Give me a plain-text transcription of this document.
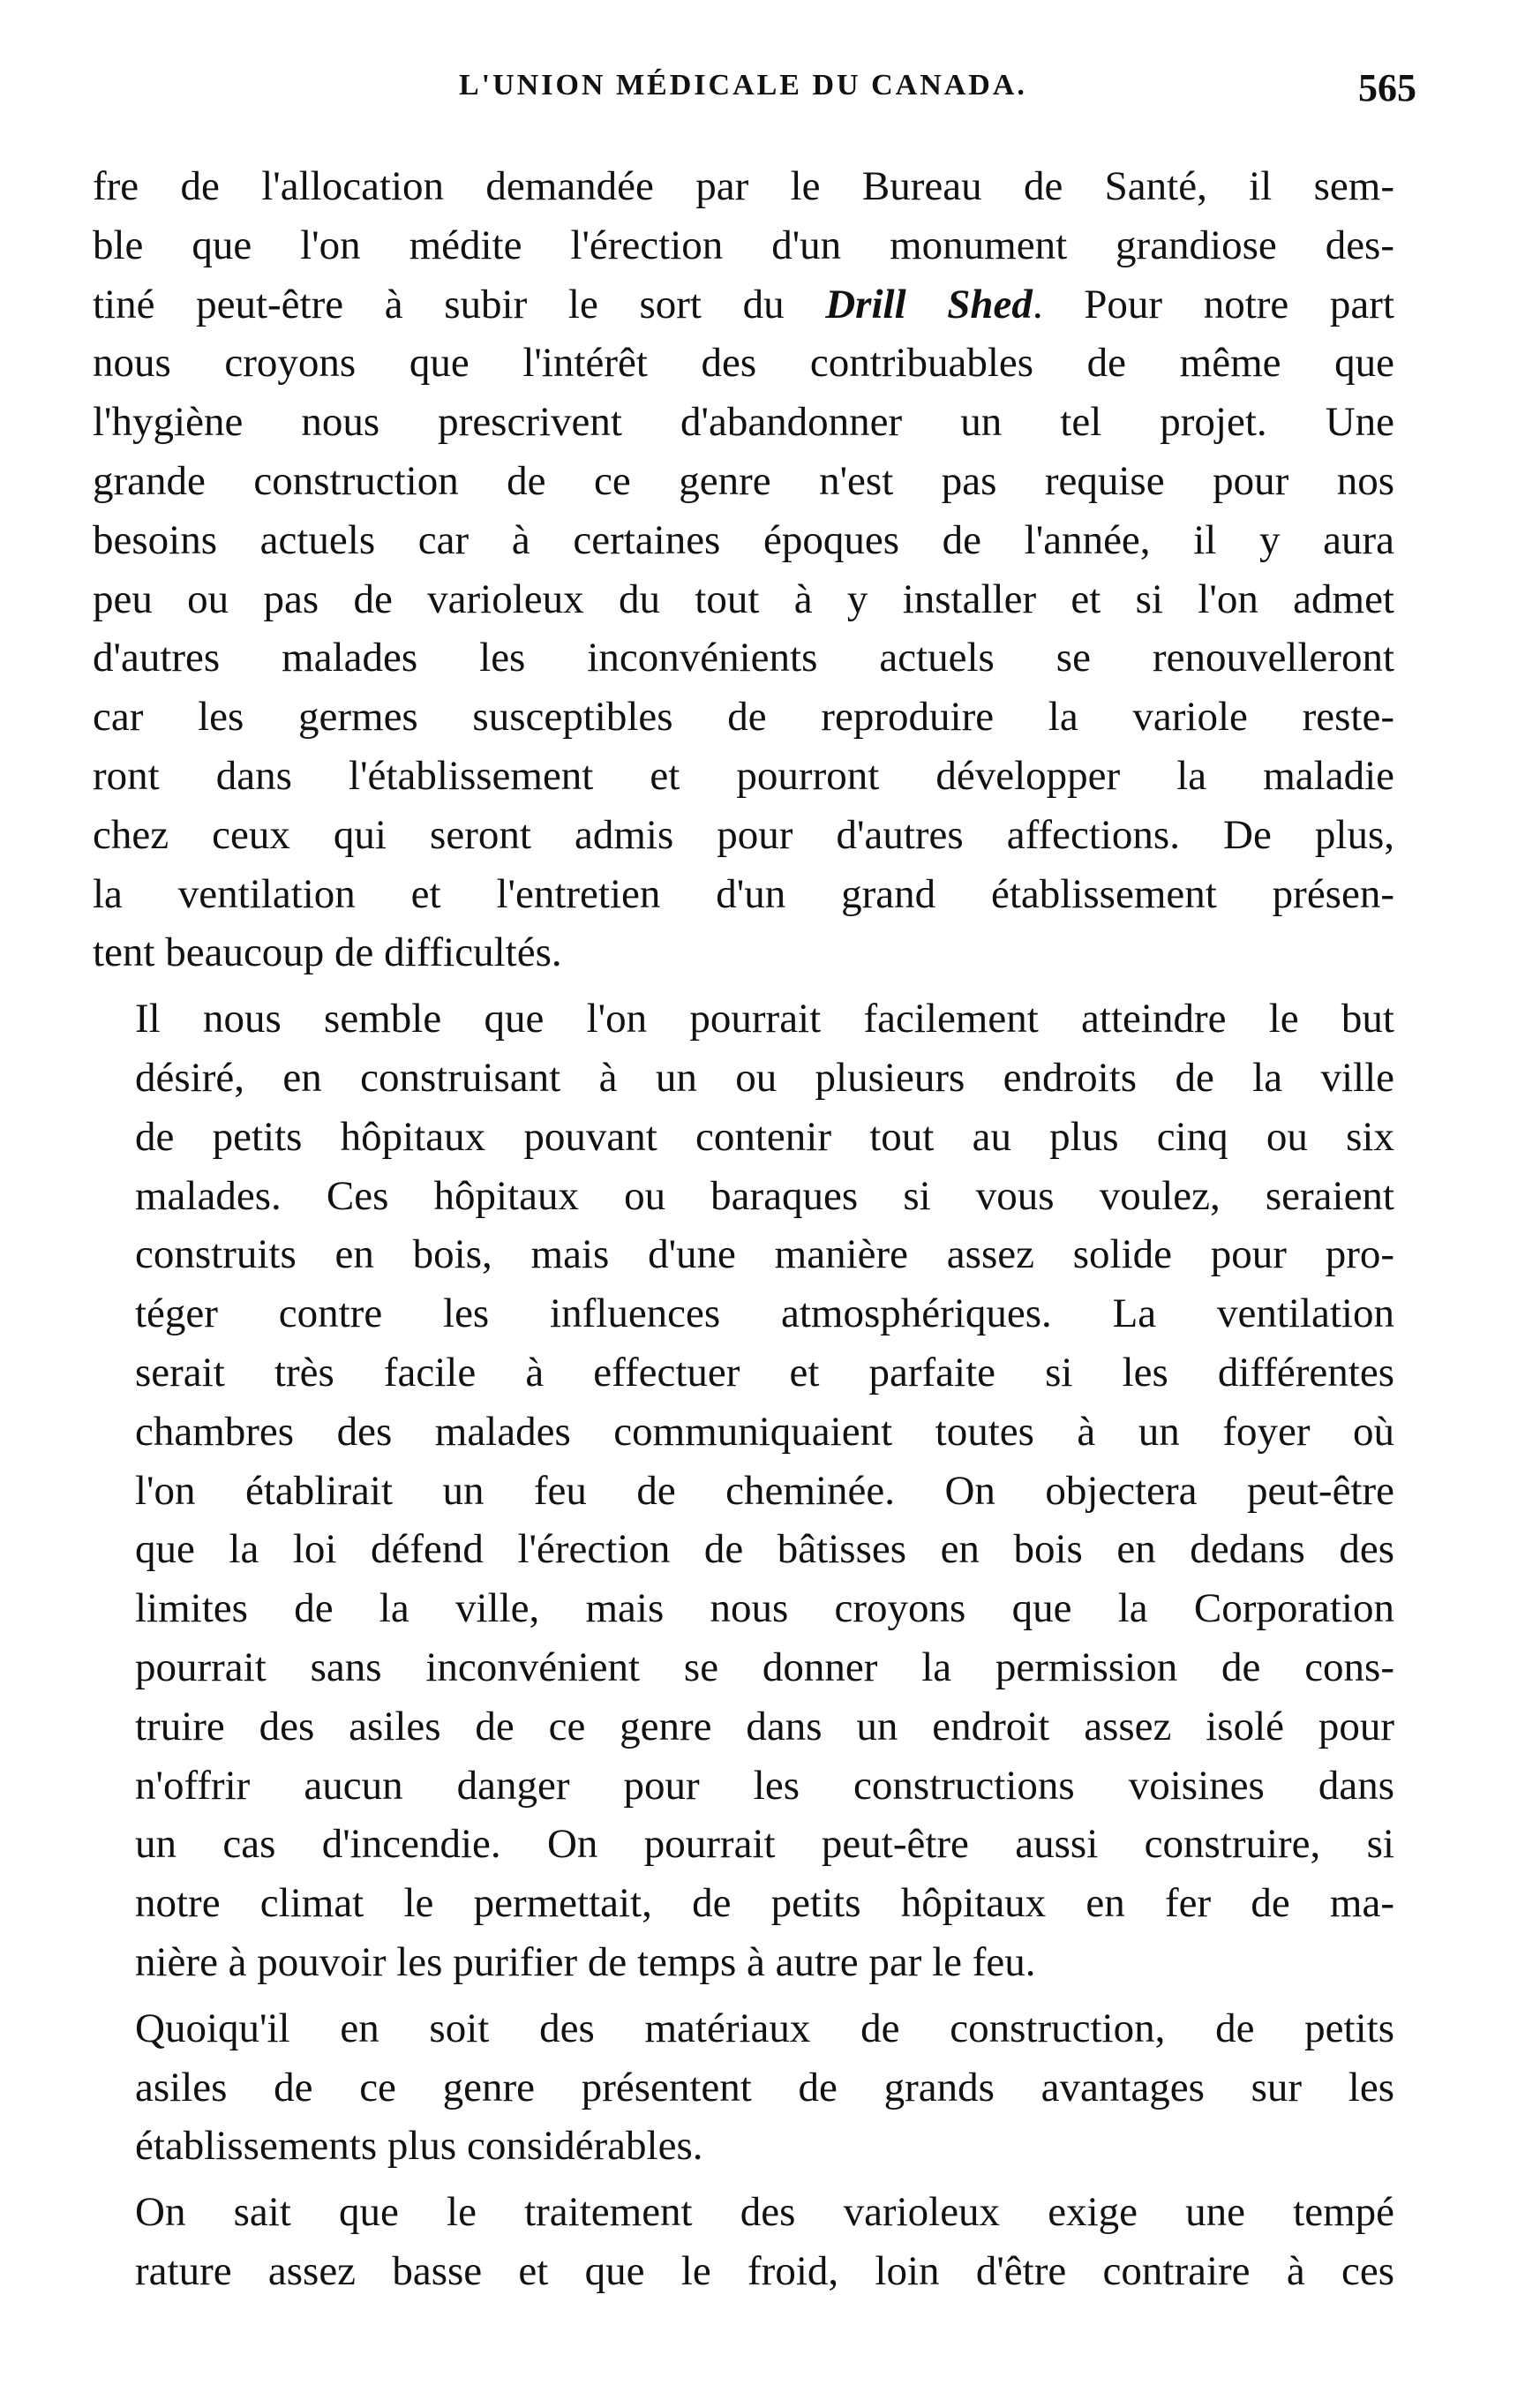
L'UNION MÉDICALE DU CANADA.	565

fre de l'allocation demandée par le Bureau de Santé, il sem-
ble que l'on médite l'érection d'un monument grandiose des-
tiné peut-être à subir le sort du Drill Shed. Pour notre part
nous croyons que l'intérêt des contribuables de même que
l'hygiène nous prescrivent d'abandonner un tel projet. Une
grande construction de ce genre n'est pas requise pour nos
besoins actuels car à certaines époques de l'année, il y aura
peu ou pas de varioleux du tout à y installer et si l'on admet
d'autres malades les inconvénients actuels se renouvelleront
car les germes susceptibles de reproduire la variole reste-
ront dans l'établissement et pourront développer la maladie
chez ceux qui seront admis pour d'autres affections. De plus,
la ventilation et l'entretien d'un grand établissement présen-
tent beaucoup de difficultés.

Il nous semble que l'on pourrait facilement atteindre le but
désiré, en construisant à un ou plusieurs endroits de la ville
de petits hôpitaux pouvant contenir tout au plus cinq ou six
malades. Ces hôpitaux ou baraques si vous voulez, seraient
construits en bois, mais d'une manière assez solide pour pro-
téger contre les influences atmosphériques. La ventilation
serait très facile à effectuer et parfaite si les différentes
chambres des malades communiquaient toutes à un foyer où
l'on établirait un feu de cheminée. On objectera peut-être
que la loi défend l'érection de bâtisses en bois en dedans des
limites de la ville, mais nous croyons que la Corporation
pourrait sans inconvénient se donner la permission de cons-
truire des asiles de ce genre dans un endroit assez isolé pour
n'offrir aucun danger pour les constructions voisines dans
un cas d'incendie. On pourrait peut-être aussi construire, si
notre climat le permettait, de petits hôpitaux en fer de ma-
nière à pouvoir les purifier de temps à autre par le feu.

Quoiqu'il en soit des matériaux de construction, de petits
asiles de ce genre présentent de grands avantages sur les
établissements plus considérables.

On sait que le traitement des varioleux exige une tempé
rature assez basse et que le froid, loin d'être contraire à ces
